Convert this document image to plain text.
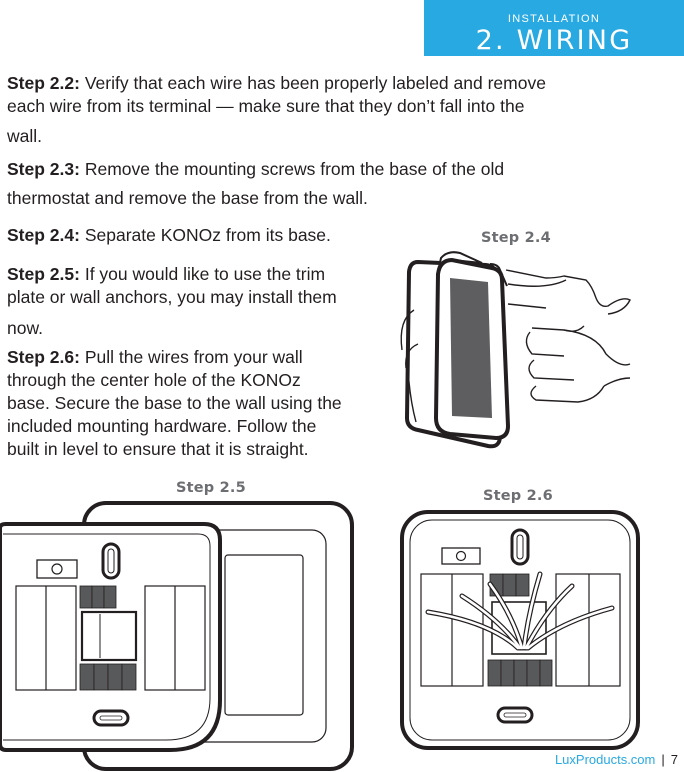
INSTALLATION
2. WIRING
Step 2.2: Verify that each wire has been properly labeled and remove
each wire from its terminal — make sure that they don’t fall into the
wall.
Step 2.3: Remove the mounting screws from the base of the old
thermostat and remove the base from the wall.
Step 2.4: Separate KONOz from its base.
Step 2.5: If you would like to use the trim
plate or wall anchors, you may install them
now.
Step 2.6: Pull the wires from your wall
through the center hole of the KONOz
base. Secure the base to the wall using the
included mounting hardware. Follow the
built in level to ensure that it is straight.
Step 2.4
Step 2.5	Step 2.6
LuxProducts.com | 7
